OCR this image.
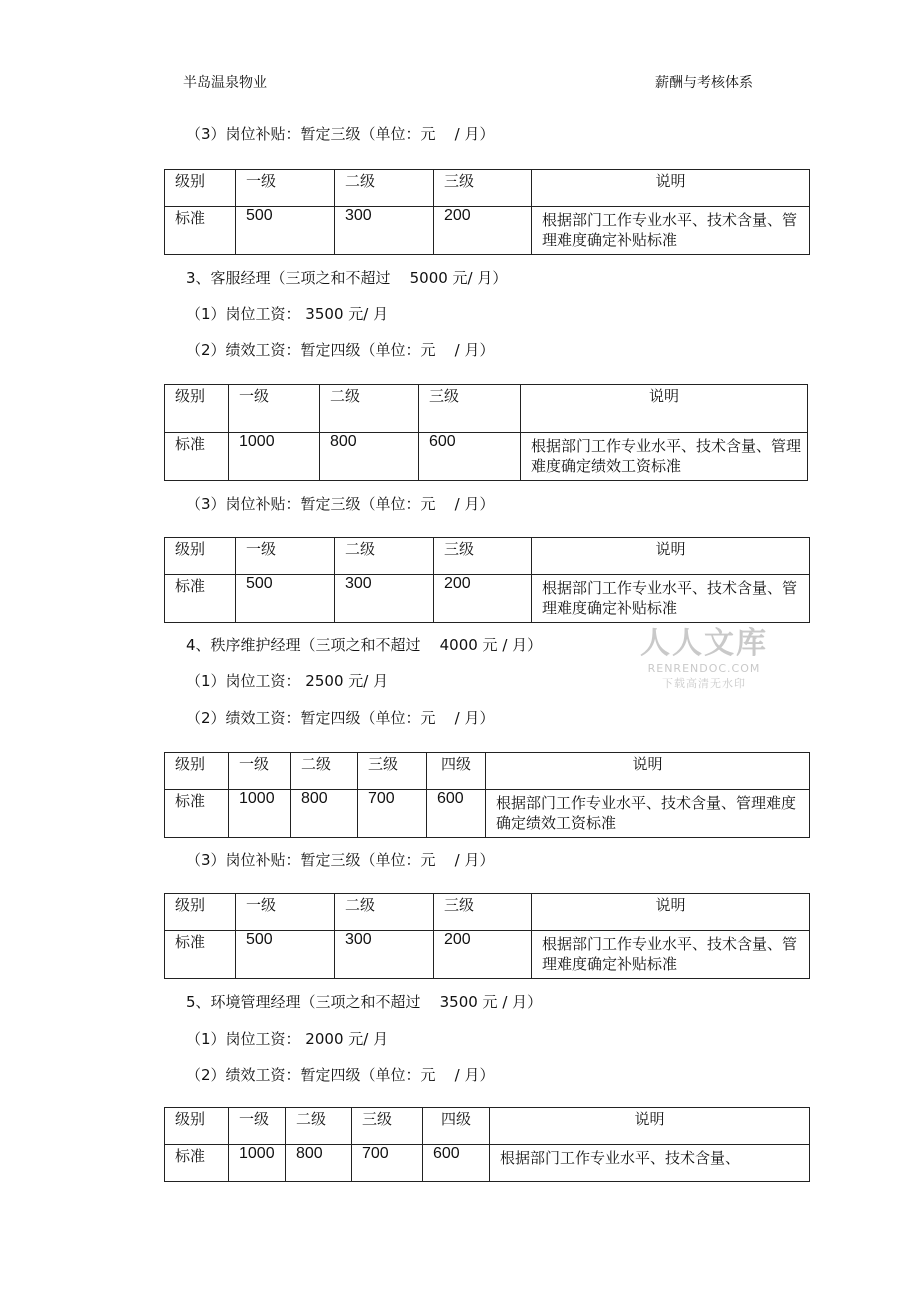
半岛温泉物业	薪酬与考核体系
（3）岗位补贴：暂定三级（单位：元    / 月）
级别	一级	二级	三级	说明
标准	500	300	200	根据部门工作专业水平、技术含量、管理难度确定补贴标准
3、客服经理（三项之和不超过    5000 元/ 月）
（1）岗位工资： 3500 元/ 月
（2）绩效工资：暂定四级（单位：元    / 月）
级别	一级	二级	三级	说明
标准	1000	800	600	根据部门工作专业水平、技术含量、管理难度确定绩效工资标准
（3）岗位补贴：暂定三级（单位：元    / 月）
级别	一级	二级	三级	说明
标准	500	300	200	根据部门工作专业水平、技术含量、管理难度确定补贴标准
4、秩序维护经理（三项之和不超过    4000 元 / 月）	人人文库
RENRENDOC.COM
下载高清无水印
（1）岗位工资： 2500 元/ 月
（2）绩效工资：暂定四级（单位：元    / 月）
级别	一级	二级	三级	四级	说明
标准	1000	800	700	600	根据部门工作专业水平、技术含量、管理难度确定绩效工资标准
（3）岗位补贴：暂定三级（单位：元    / 月）
级别	一级	二级	三级	说明
标准	500	300	200	根据部门工作专业水平、技术含量、管理难度确定补贴标准
5、环境管理经理（三项之和不超过    3500 元 / 月）
（1）岗位工资： 2000 元/ 月
（2）绩效工资：暂定四级（单位：元    / 月）
级别	一级	二级	三级	四级	说明
标准	1000	800	700	600	根据部门工作专业水平、技术含量、
